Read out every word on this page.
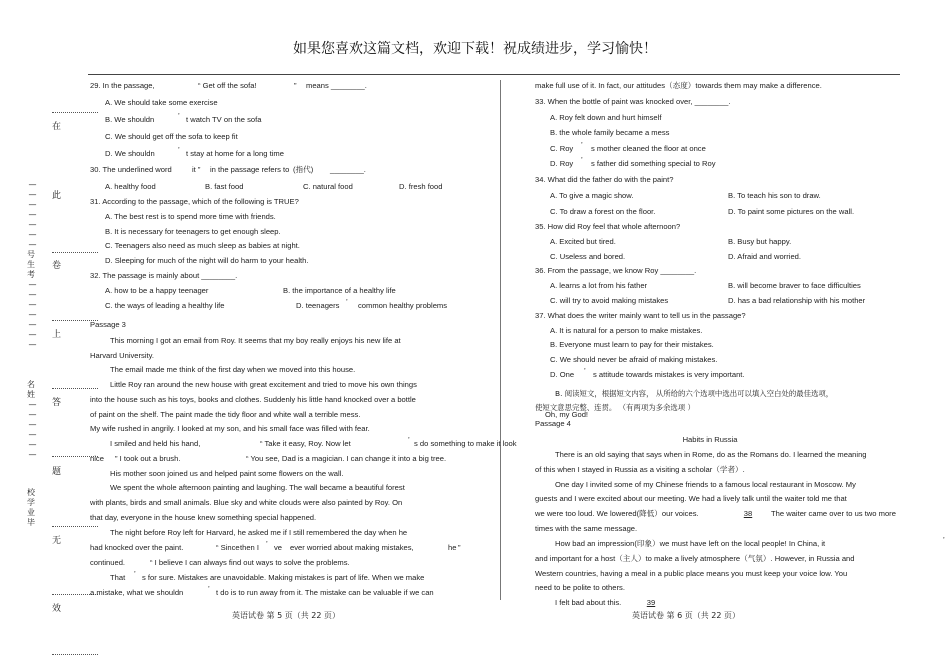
如果您喜欢这篇文档，欢迎下载！祝成绩进步，学习愉快！
在
此
卷
上
答
题
无
效
—
—
—
—
—
—
—
号生考
—
—
—
—
—
—
—
名姓
—
—
—
—
—
—
校学业毕
29. In the passage,	“ Get off the sofa!	” means ________.
A. We should take some exercise
B. We shouldn	’ t watch TV on the sofa
C. We should get off the sofa to keep fit
D. We shouldn	’ t stay at home for a long time
30. The underlined word	it ” in the passage refers to (指代) ________.
A. healthy food	B. fast food	C. natural food	D. fresh food
31. According to the passage, which of the following is TRUE?
A. The best rest is to spend more time with friends.
B. It is necessary for teenagers to get enough sleep.
C. Teenagers also need as much sleep as babies at night.
D. Sleeping for much of the night will do harm to your health.
32. The passage is mainly about ________.
A. how to be a happy teenager	B. the importance of a healthy life
C. the ways of leading a healthy life	D. teenagers ’ common healthy problems
Passage 3
This morning I got an email from Roy. It seems that my boy really enjoys his new life at
Harvard University.
The email made me think of the first day when we moved into this house.
Little Roy ran around the new house with great excitement and tried to move his own things
into the house such as his toys, books and clothes. Suddenly his little hand knocked over a bottle
of paint on the shelf. The paint made the tidy floor and white wall a terrible mess.
My wife rushed in angrily. I looked at my son, and his small face was filled with fear.
I smiled and held his hand,	“ Take it easy, Roy. Now let	’ s do something to make it look
nice ” I took out a brush.	“ You see, Dad is a magician. I can change it into a big tree.
His mother soon joined us and helped paint some flowers on the wall.
We spent the whole afternoon painting and laughing. The wall became a beautiful forest
with plants, birds and small animals. Blue sky and white clouds were also painted by Roy. On
that day, everyone in the house knew something special happened.
The night before Roy left for Harvard, he asked me if I still remembered the day when he
had knocked over the paint.	“ Since then I ’ ve ever worried about making mistakes,	he ”
continued.	“ I believe I can always find out ways to solve the problems.
That ’ s for sure. Mistakes are unavoidable. Making mistakes is part of life. When we make
a mistake, what we shouldn	’ t do is to run away from it. The mistake can be valuable if we can
英语试卷 第 5 页（共 22 页）
make full use of it. In fact, our attitudes（态度）towards them may make a difference.
33. When the bottle of paint was knocked over, ________.
A. Roy felt down and hurt himself
B. the whole family became a mess
C. Roy ’ s mother cleaned the floor at once
D. Roy ’ s father did something special to Roy
34. What did the father do with the paint?
A. To give a magic show.	B. To teach his son to draw.
C. To draw a forest on the floor.	D. To paint some pictures on the wall.
35. How did Roy feel that whole afternoon?
A. Excited but tired.	B. Busy but happy.
C. Useless and bored.	D. Afraid and worried.
36. From the passage, we know Roy ________.
A. learns a lot from his father	B. will become braver to face difficulties
C. will try to avoid making mistakes	D. has a bad relationship with his mother
37. What does the writer mainly want to tell us in the passage?
A. It is natural for a person to make mistakes.
B. Everyone must learn to pay for their mistakes.
C. We should never be afraid of making mistakes.
D. One ’ s attitude towards mistakes is very important.
B. 阅读短文，根据短文内容， 从所给的六个选项中选出可以填入空白处的最佳选项，
使短文意思完整、连贯。 （有两项为多余选项 ）
Oh, my God!
Passage 4
Habits in Russia
There is an old saying that says when in Rome, do as the Romans do. I learned the meaning
of this when I stayed in Russia as a visiting a scholar（学者）.
One day I invited some of my Chinese friends to a famous local restaurant in Moscow. My
guests and I were excited about our meeting. We had a lively talk until the waiter told me that
we were too loud. We lowered(降低）our voices.	38	The waiter came over to us two more
times with the same message.
How bad an impression(印象）we must have left on the local people! In China, it	’
and important for a host（主人）to make a lively atmosphere（气氛）. However, in Russia and
Western countries, having a meal in a public place means you must keep your voice low. You
need to be polite to others.
I felt bad about this.	39
英语试卷 第 6 页（共 22 页）
